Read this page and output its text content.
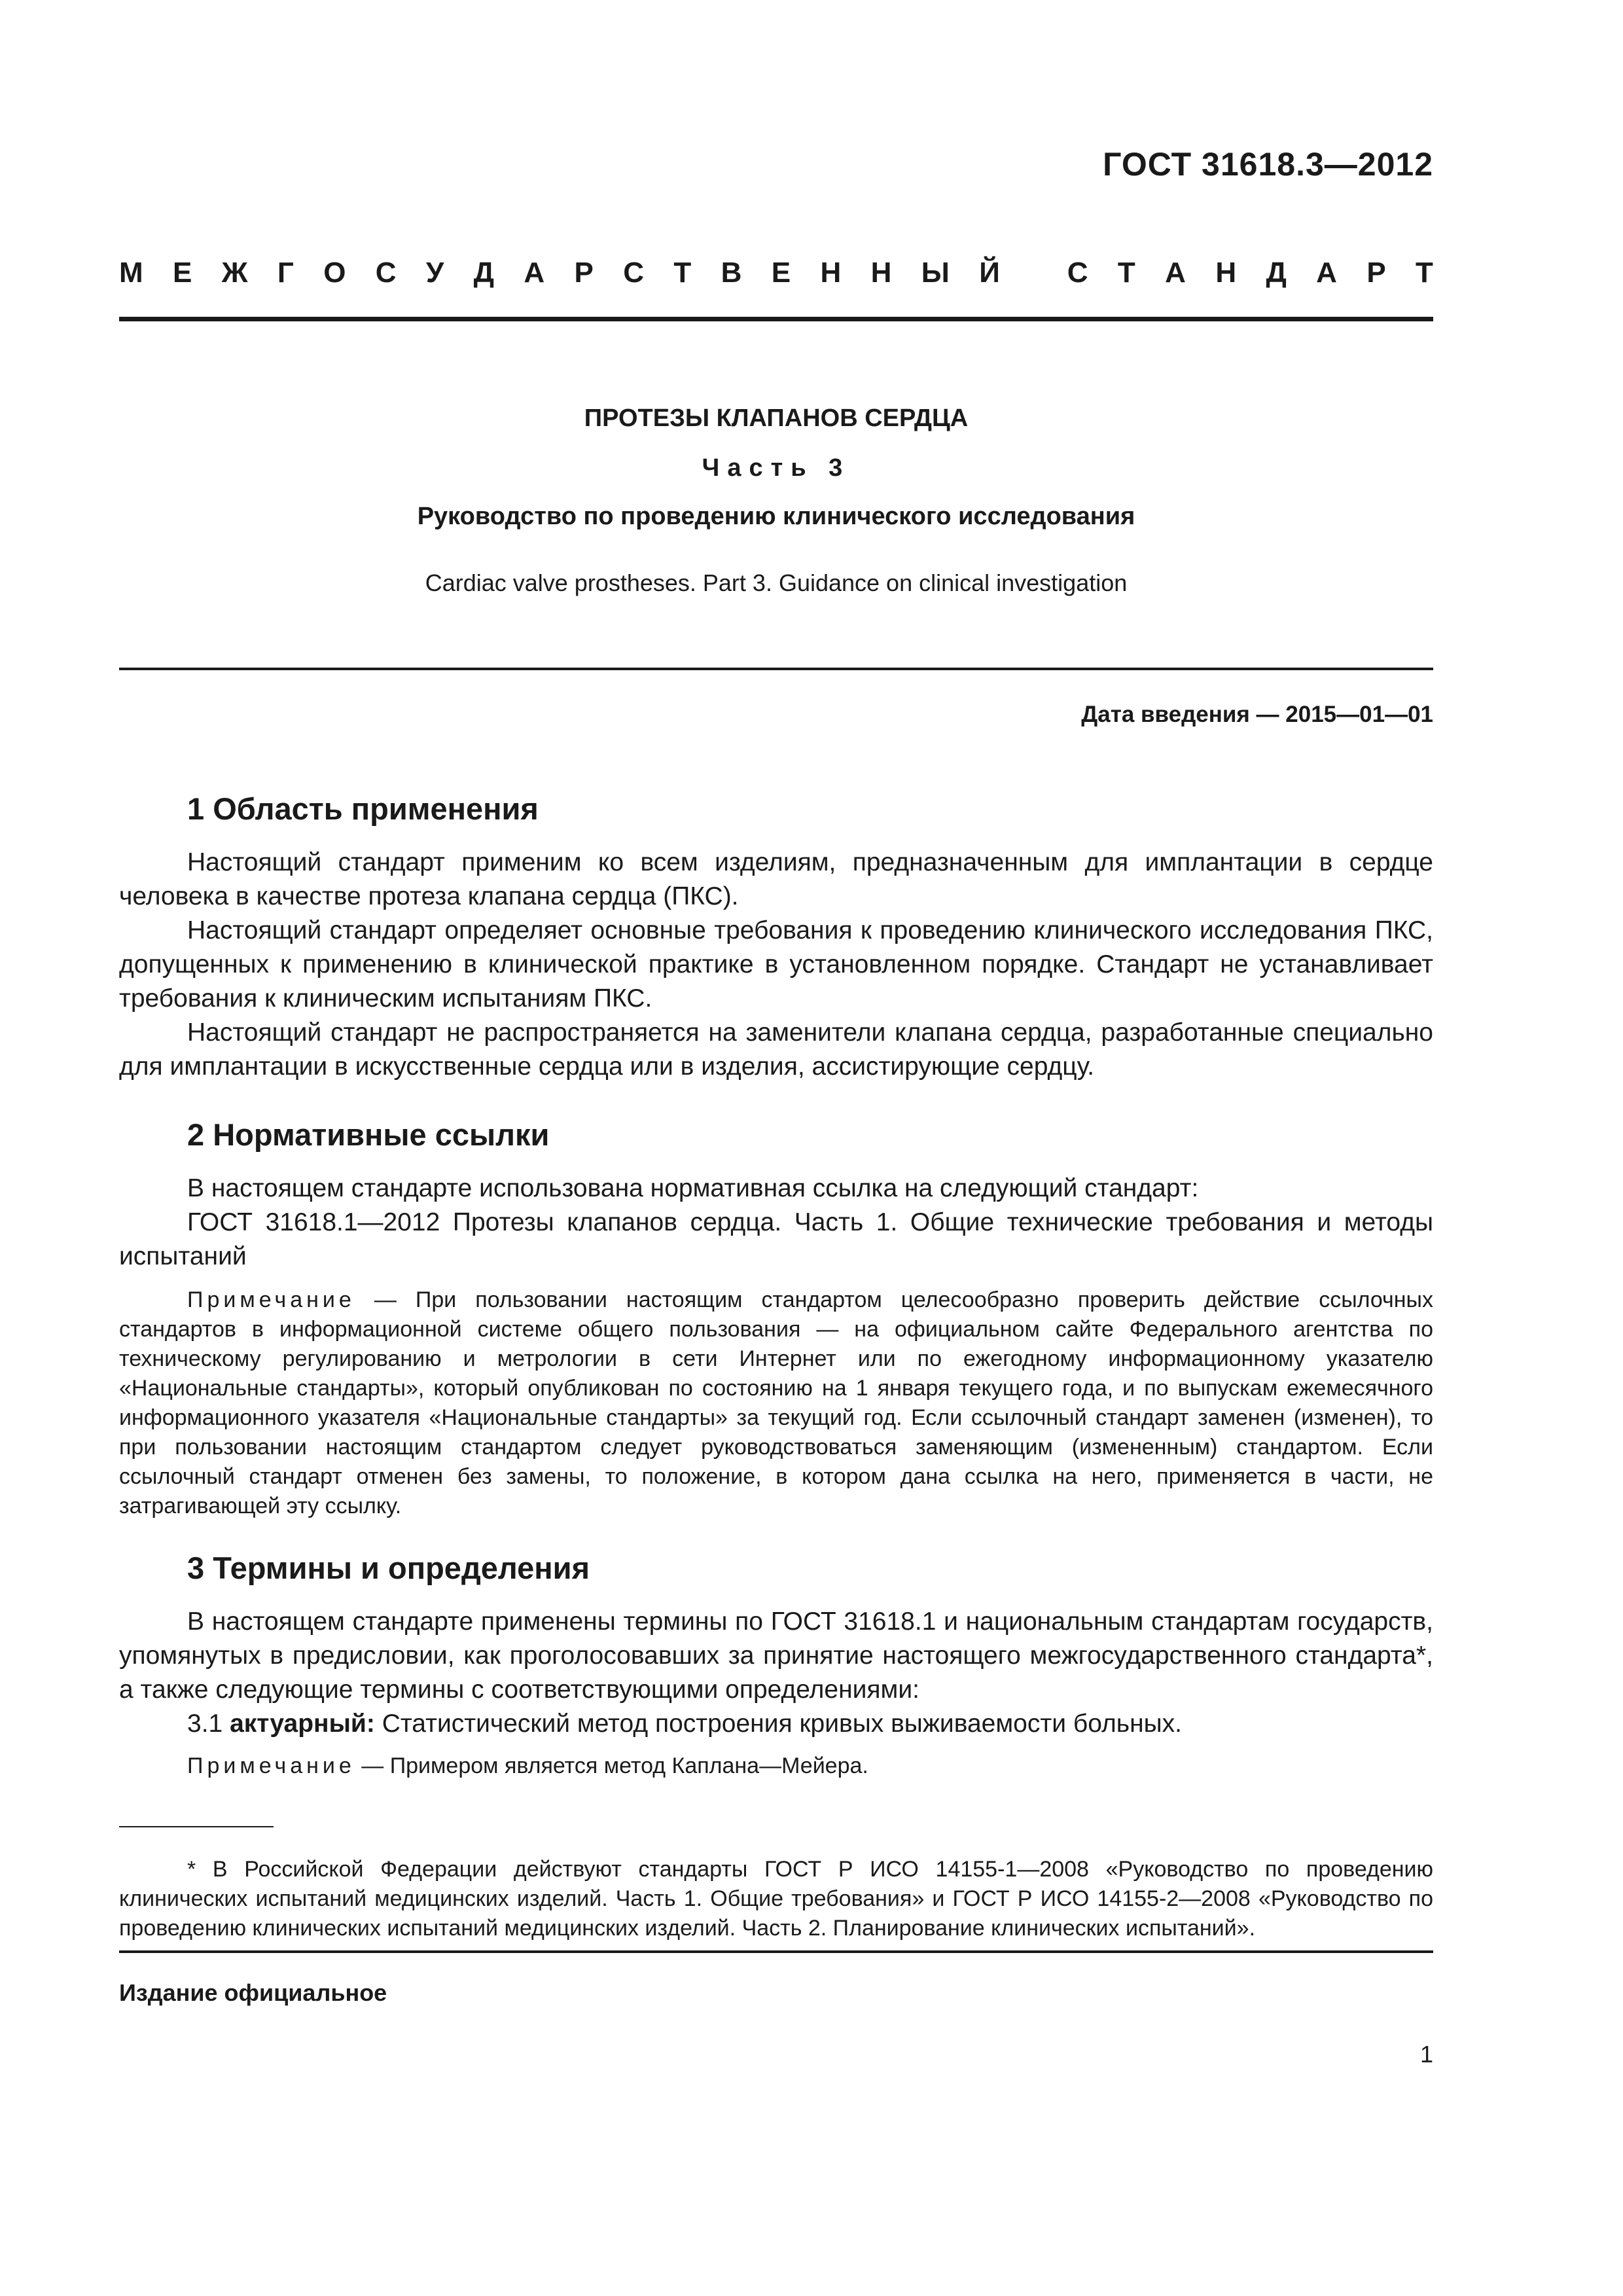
ГОСТ 31618.3—2012
М Е Ж Г О С У Д А Р С Т В Е Н Н Ы Й
С Т А Н Д А Р Т
ПРОТЕЗЫ КЛАПАНОВ СЕРДЦА
Часть 3
Руководство по проведению клинического исследования
Cardiac valve prostheses. Part 3. Guidance on clinical investigation
Дата введения — 2015—01—01
1 Область применения
Настоящий стандарт применим ко всем изделиям, предназначенным для имплантации в сердце человека в качестве протеза клапана сердца (ПКС).
Настоящий стандарт определяет основные требования к проведению клинического исследования ПКС, допущенных к применению в клинической практике в установленном порядке. Стандарт не устанавливает требования к клиническим испытаниям ПКС.
Настоящий стандарт не распространяется на заменители клапана сердца, разработанные специально для имплантации в искусственные сердца или в изделия, ассистирующие сердцу.
2 Нормативные ссылки
В настоящем стандарте использована нормативная ссылка на следующий стандарт:
ГОСТ 31618.1—2012 Протезы клапанов сердца. Часть 1. Общие технические требования и методы испытаний
Примечание — При пользовании настоящим стандартом целесообразно проверить действие ссылочных стандартов в информационной системе общего пользования — на официальном сайте Федерального агентства по техническому регулированию и метрологии в сети Интернет или по ежегодному информационному указателю «Национальные стандарты», который опубликован по состоянию на 1 января текущего года, и по выпускам ежемесячного информационного указателя «Национальные стандарты» за текущий год. Если ссылочный стандарт заменен (изменен), то при пользовании настоящим стандартом следует руководствоваться заменяющим (измененным) стандартом. Если ссылочный стандарт отменен без замены, то положение, в котором дана ссылка на него, применяется в части, не затрагивающей эту ссылку.
3 Термины и определения
В настоящем стандарте применены термины по ГОСТ 31618.1 и национальным стандартам государств, упомянутых в предисловии, как проголосовавших за принятие настоящего межгосударственного стандарта*, а также следующие термины с соответствующими определениями:
3.1 актуарный: Статистический метод построения кривых выживаемости больных.
Примечание — Примером является метод Каплана—Мейера.
* В Российской Федерации действуют стандарты ГОСТ Р ИСО 14155-1—2008 «Руководство по проведению клинических испытаний медицинских изделий. Часть 1. Общие требования» и ГОСТ Р ИСО 14155-2—2008 «Руководство по проведению клинических испытаний медицинских изделий. Часть 2. Планирование клинических испытаний».
Издание официальное
1
